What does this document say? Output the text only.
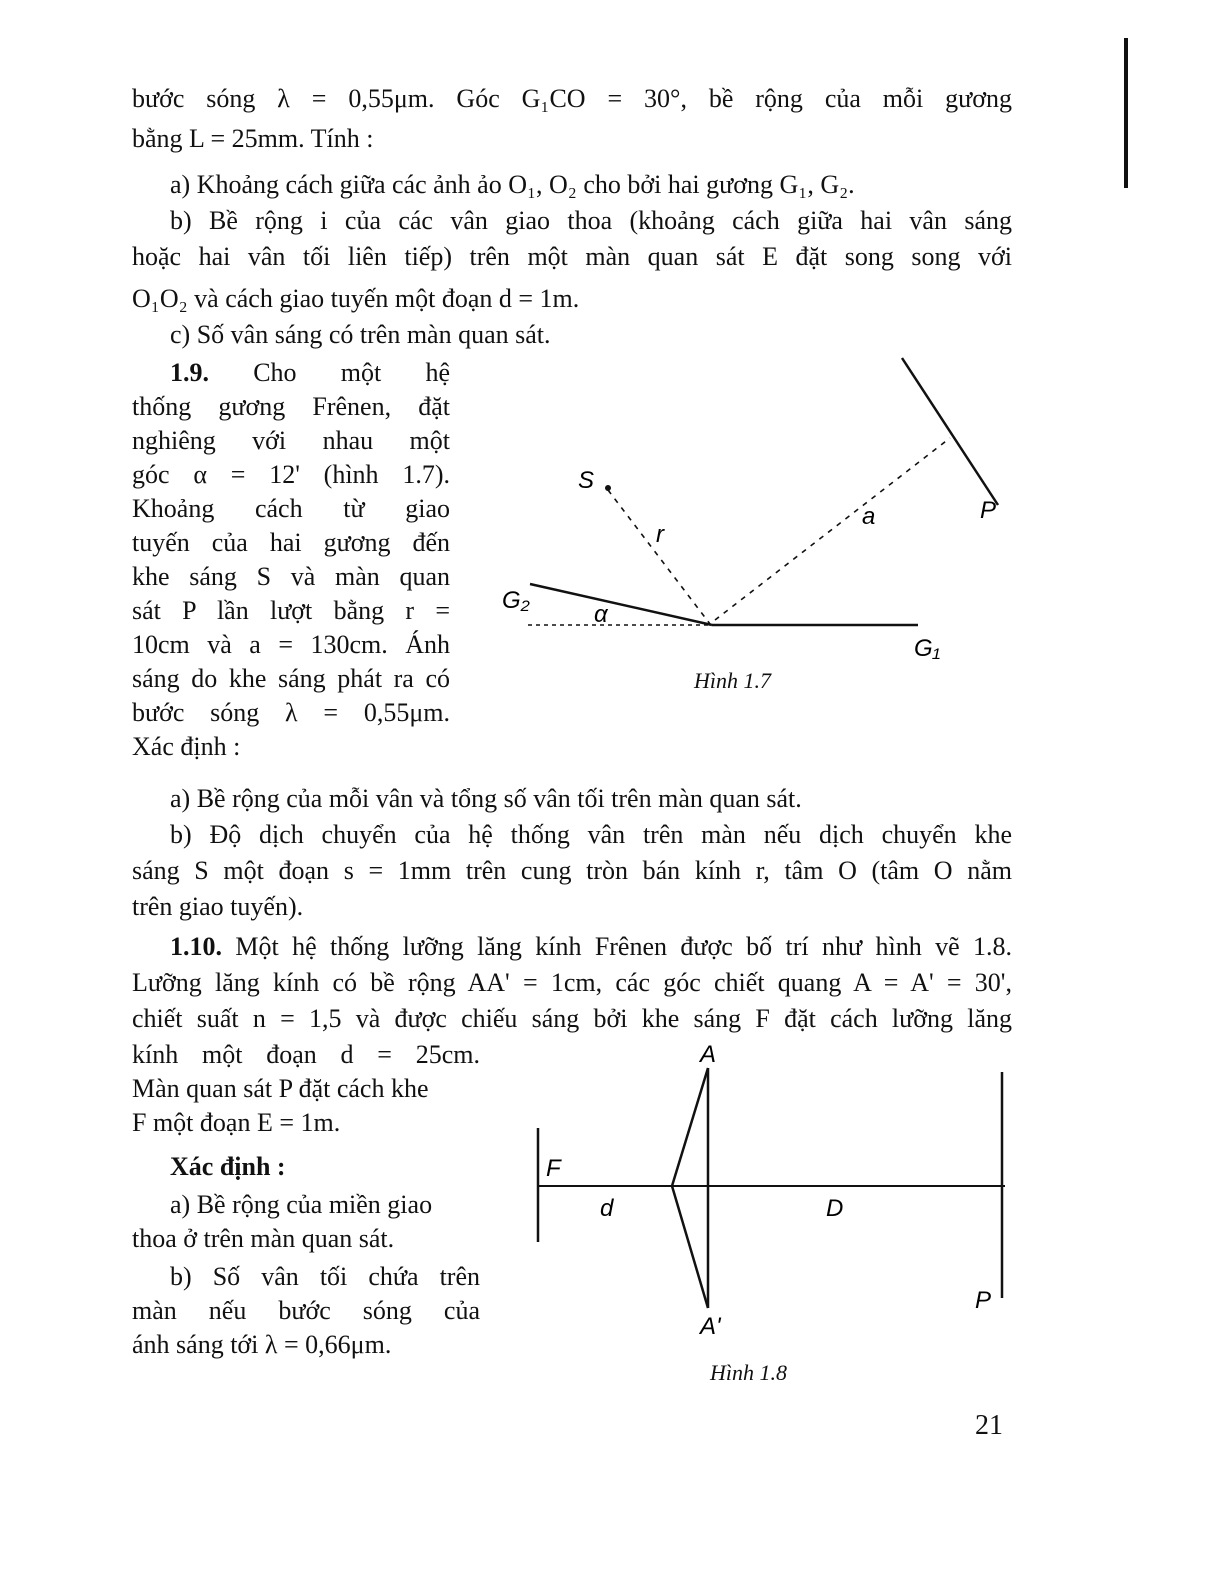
bước sóng λ = 0,55μm. Góc G₁CO = 30°, bề rộng của mỗi gương
bằng L = 25mm. Tính :
a) Khoảng cách giữa các ảnh ảo O₁, O₂ cho bởi hai gương G₁, G₂.
b) Bề rộng i của các vân giao thoa (khoảng cách giữa hai vân sáng
hoặc hai vân tối liên tiếp) trên một màn quan sát E đặt song song với
O₁O₂ và cách giao tuyến một đoạn d = 1m.
c) Số vân sáng có trên màn quan sát.
1.9. Cho một hệ
thống gương Frênen, đặt
nghiêng với nhau một
góc α = 12' (hình 1.7).
Khoảng cách từ giao
tuyến của hai gương đến
khe sáng S và màn quan
sát P lần lượt bằng r =
10cm và a = 130cm. Ánh
sáng do khe sáng phát ra có
bước sóng λ = 0,55μm.
Xác định :
S
r
a	P
G₂
α
G₁
Hình 1.7
a) Bề rộng của mỗi vân và tổng số vân tối trên màn quan sát.
b) Độ dịch chuyển của hệ thống vân trên màn nếu dịch chuyển khe
sáng S một đoạn s = 1mm trên cung tròn bán kính r, tâm O (tâm O nằm
trên giao tuyến).
1.10. Một hệ thống lưỡng lăng kính Frênen được bố trí như hình vẽ 1.8.
Lưỡng lăng kính có bề rộng AA' = 1cm, các góc chiết quang A = A' = 30',
chiết suất n = 1,5 và được chiếu sáng bởi khe sáng F đặt cách lưỡng lăng
kính một đoạn d = 25cm.
Màn quan sát P đặt cách khe
F một đoạn E = 1m.
Xác định :
a) Bề rộng của miền giao
thoa ở trên màn quan sát.
b) Số vân tối chứa trên
màn nếu bước sóng của
ánh sáng tới λ = 0,66μm.
A
A'
F
d	D
P
Hình 1.8
21
